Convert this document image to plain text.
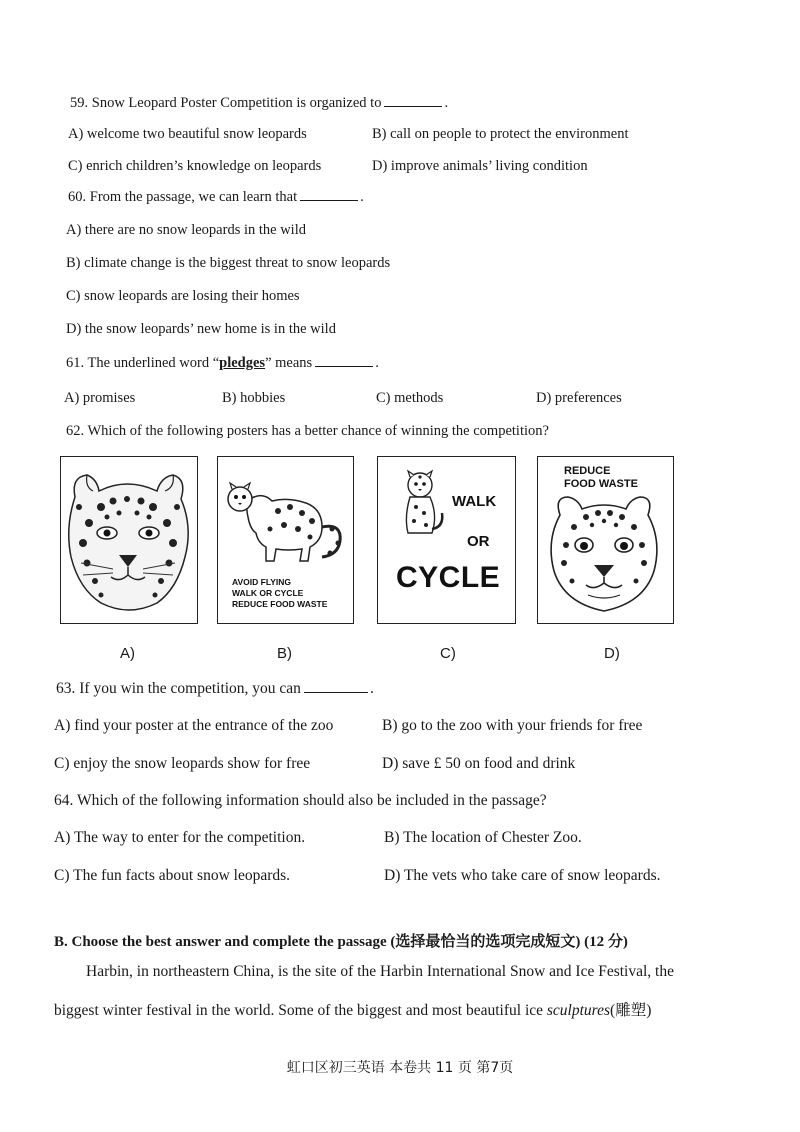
59. Snow Leopard Poster Competition is organized to	.
A) welcome two beautiful snow leopards	B) call on people to protect the environment
C) enrich children’s knowledge on leopards	D) improve animals’ living condition
60. From the passage, we can learn that	.
A) there are no snow leopards in the wild
B) climate change is the biggest threat to snow leopards
C) snow leopards are losing their homes
D) the snow leopards’ new home is in the wild
61. The underlined word “pledges” means	.
A) promises	B) hobbies	C) methods	D) preferences
62. Which of the following posters has a better chance of winning the competition?
AVOID FLYING
WALK OR CYCLE
REDUCE FOOD WASTE
WALK
OR
CYCLE
REDUCE
FOOD WASTE
A)	B)	C)	D)
63. If you win the competition, you can	.
A) find your poster at the entrance of the zoo	B) go to the zoo with your friends for free
C) enjoy the snow leopards show for free	D) save £ 50 on food and drink
64. Which of the following information should also be included in the passage?
A) The way to enter for the competition.	B) The location of Chester Zoo.
C) The fun facts about snow leopards.	D) The vets who take care of snow leopards.
B. Choose the best answer and complete the passage (选择最恰当的选项完成短文) (12 分)
Harbin, in northeastern China, is the site of the Harbin International Snow and Ice Festival, the
biggest winter festival in the world. Some of the biggest and most beautiful ice sculptures(雕塑)
虹口区初三英语 本卷共 11 页 第7页
